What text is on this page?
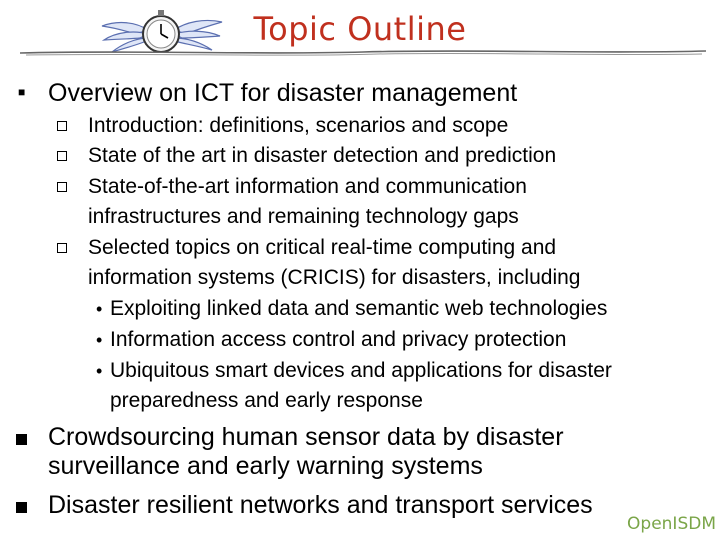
Topic Outline
■ Overview on ICT for disaster management
Introduction: definitions, scenarios and scope
State of the art in disaster detection and prediction
State-of-the-art information and communication
infrastructures and remaining technology gaps
Selected topics on critical real-time computing and
information systems (CRICIS) for disasters, including
• Exploiting linked data and semantic web technologies
• Information access control and privacy protection
• Ubiquitous smart devices and applications for disaster
preparedness and early response
Crowdsourcing human sensor data by disaster
surveillance and early warning systems
Disaster resilient networks and transport services
OpenISDM
